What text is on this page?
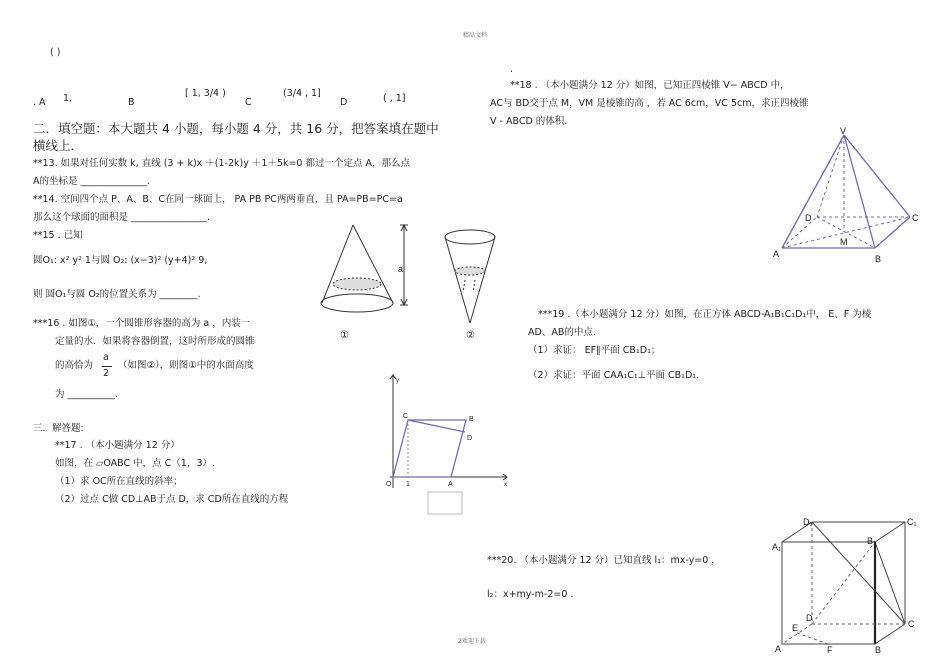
精品文档
2欢迎下载
( )
. A 1,	B
[ 1, 3/4 )
C
(3/4 , 1]
D	( , 1]
二．填空题：本大题共 4 小题，每小题 4 分，共 16 分，把答案填在题中
横线上．
**13. 如果对任何实数 k, 直线 (3 + k)x ＋(1-2k)y ＋1＋5k=0 都过一个定点 A，那么点
A的坐标是 ______________.
**14. 空间四个点 P、A、B、C在同一球面上， PA PB PC两两垂直，且 PA=PB=PC=a
那么这个球面的面积是 ________________.
**15 . 已知
圆O₁: x² y² 1与圆 O₂: (x−3)² (y+4)² 9,
则 圆O₁与圆 O₂的位置关系为 ________.
***16 . 如图①，一个圆锥形容器的高为 a ，内装一
定量的水．如果将容器倒置，这时所形成的圆锥
的高恰为
a
2
（如图②），则图①中的水面高度
为 __________.
三．解答题:
**17 . （本小题满分 12 分）
如图，在 ▱OABC 中，点 C（1，3）.
（1）求 OC所在直线的斜率；
（2）过点 C做 CD⊥AB于点 D，求 CD所在直线的方程
a
①	②
y
x
O 1	A
B
C
D
.
**18 . （本小题满分 12 分）如图，已知正四棱锥 V− ABCD 中，
AC与 BD交于点 M，VM 是棱锥的高 ，若 AC 6cm，VC 5cm，求正四棱锥
V - ABCD 的体积.
V
A	B
C
D
M
***19 .（本小题满分 12 分）如图，在正方体 ABCD-A₁B₁C₁D₁中， E、F 为棱
AD、AB的中点.
（1）求证： EF∥平面 CB₁D₁；
（2）求证：平面 CAA₁C₁⊥平面 CB₁D₁.
***20. （本小题满分 12 分）已知直线 l₁：mx-y=0 ，
l₂：x+my-m-2=0 .
D₁	C₁
A₁
B₁
D
C
E
A	F	B
